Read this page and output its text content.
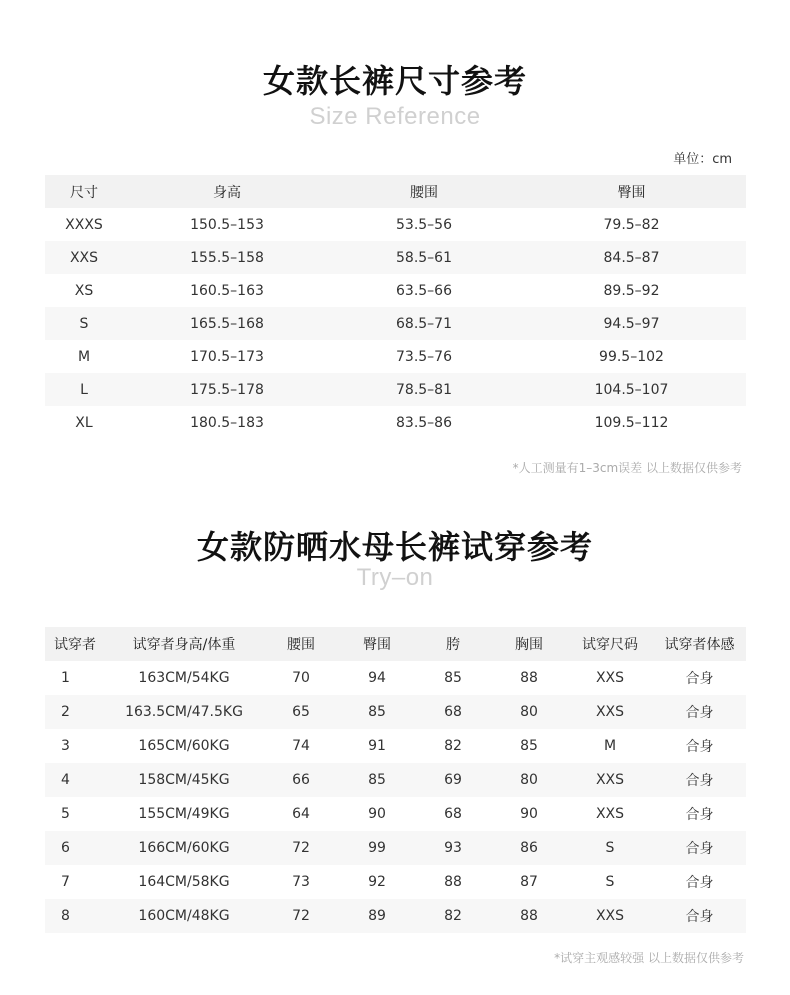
女款长裤尺寸参考
Size Reference
单位：cm
尺寸	身高	腰围	臀围
XXXS	150.5–153	53.5–56	79.5–82
XXS	155.5–158	58.5–61	84.5–87
XS	160.5–163	63.5–66	89.5–92
S	165.5–168	68.5–71	94.5–97
M	170.5–173	73.5–76	99.5–102
L	175.5–178	78.5–81	104.5–107
XL	180.5–183	83.5–86	109.5–112
*人工测量有1–3cm误差 以上数据仅供参考
女款防晒水母长裤试穿参考
Try–on
试穿者	试穿者身高/体重	腰围	臀围	胯	胸围	试穿尺码	试穿者体感
1	163CM/54KG	70	94	85	88	XXS	合身
2	163.5CM/47.5KG	65	85	68	80	XXS	合身
3	165CM/60KG	74	91	82	85	M	合身
4	158CM/45KG	66	85	69	80	XXS	合身
5	155CM/49KG	64	90	68	90	XXS	合身
6	166CM/60KG	72	99	93	86	S	合身
7	164CM/58KG	73	92	88	87	S	合身
8	160CM/48KG	72	89	82	88	XXS	合身
*试穿主观感较强 以上数据仅供参考
